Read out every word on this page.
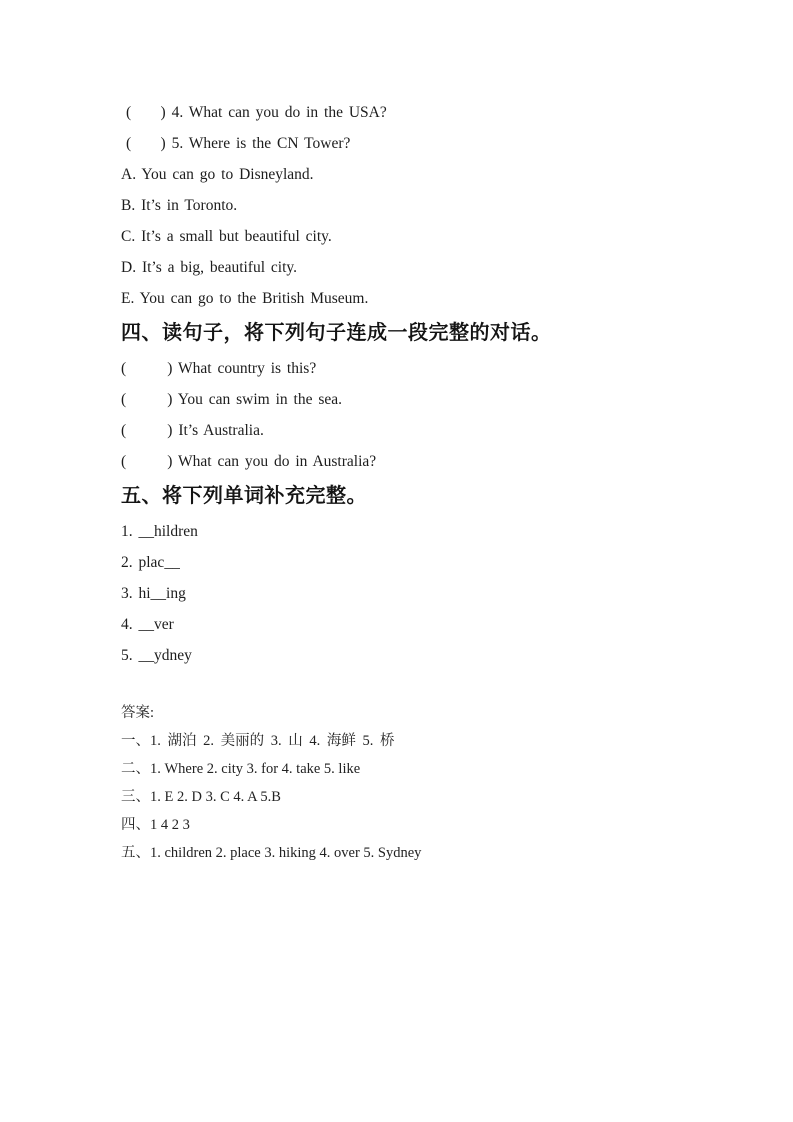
(     ) 4. What can you do in the USA?
(     ) 5. Where is the CN Tower?
A. You can go to Disneyland.
B. It’s in Toronto.
C. It’s a small but beautiful city.
D. It’s a big, beautiful city.
E. You can go to the British Museum.
四、读句子，将下列句子连成一段完整的对话。
(       ) What country is this?
(       ) You can swim in the sea.
(       ) It’s Australia.
(       ) What can you do in Australia?
五、将下列单词补充完整。
1. __hildren
2. plac__
3. hi__ing
4. __ver
5. __ydney
答案:
一、1. 湖泊 2. 美丽的 3. 山 4. 海鲜 5. 桥
二、1. Where 2. city 3. for 4. take 5. like
三、1. E 2. D 3. C 4. A 5.B
四、1 4 2 3
五、1. children 2. place 3. hiking 4. over 5. Sydney
